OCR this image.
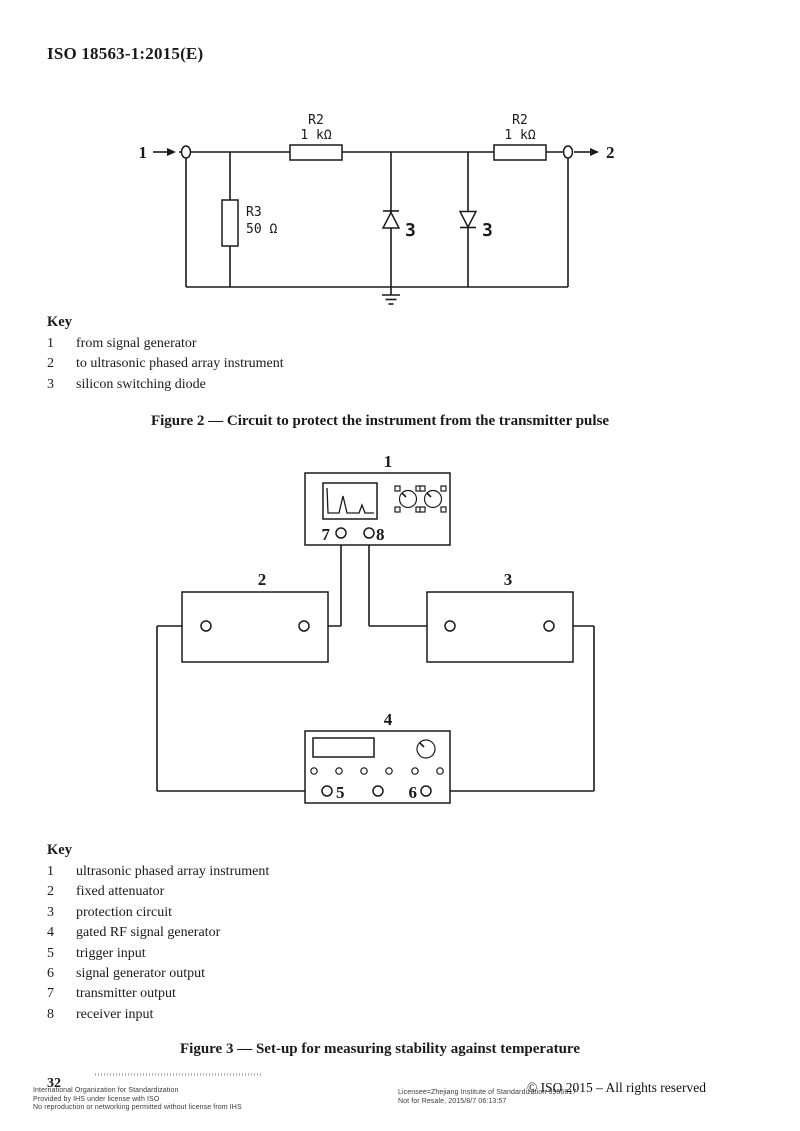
ISO 18563-1:2015(E)
1	2
R2
1 kΩ
R2
1 kΩ
R3
50 Ω	3	3
Key
1	from signal generator
2	to ultrasonic phased array instrument
3	silicon switching diode
Figure 2 — Circuit to protect the instrument from the transmitter pulse
1
2	3
4
7	8
5	6
Key
1	ultrasonic phased array instrument
2	fixed attenuator
3	protection circuit
4	gated RF signal generator
5	trigger input
6	signal generator output
7	transmitter output
8	receiver input
Figure 3 — Set-up for measuring stability against temperature
32
International Organization for Standardization
Provided by IHS under license with ISO
No reproduction or networking permitted without license from IHS
Licensee=Zhejiang Institute of Standardization 5956617
Not for Resale, 2015/8/7 06:13:57
© ISO 2015 – All rights reserved
